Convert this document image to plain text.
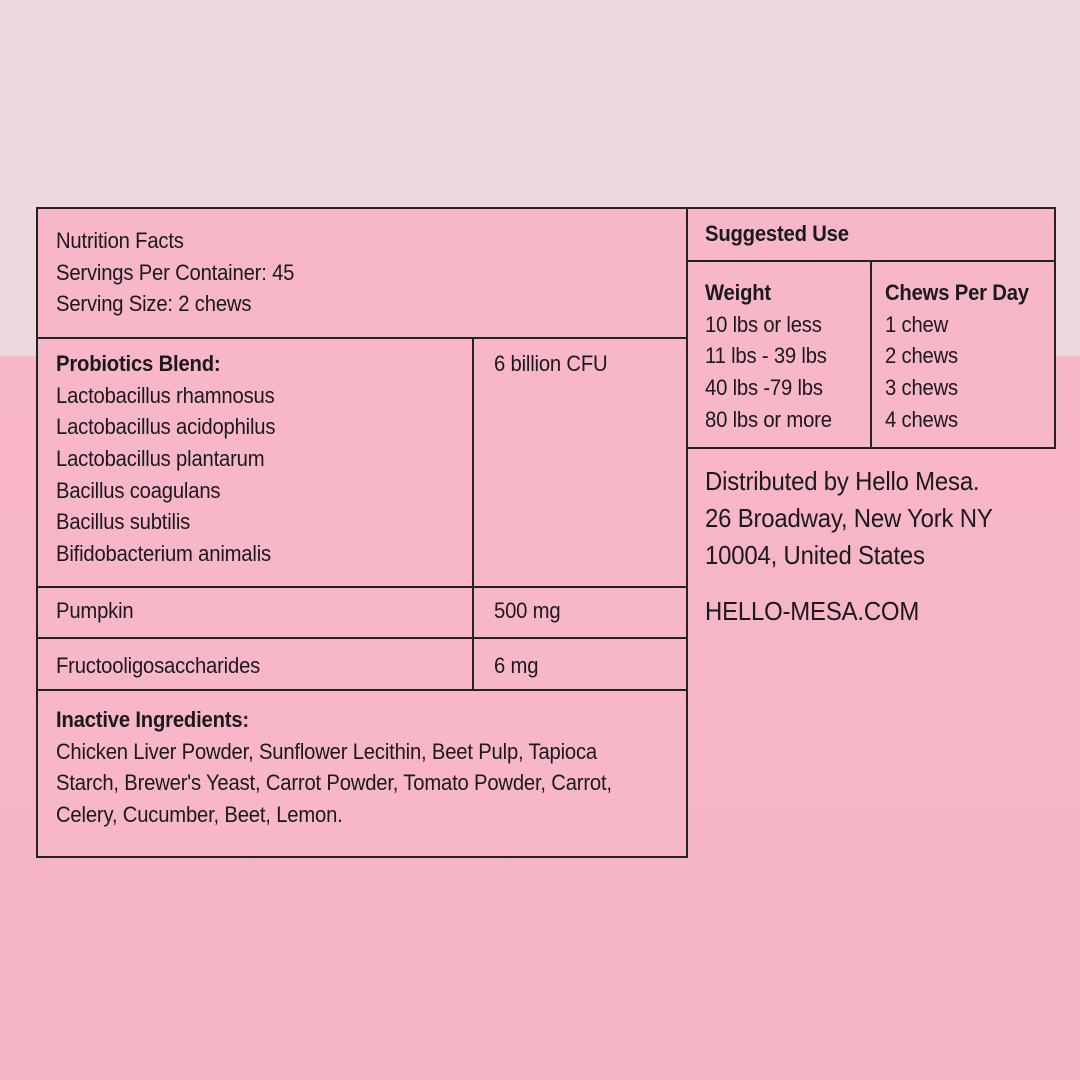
Nutrition Facts
Servings Per Container: 45
Serving Size: 2 chews
Probiotics Blend:
Lactobacillus rhamnosus
Lactobacillus acidophilus
Lactobacillus plantarum
Bacillus coagulans
Bacillus subtilis
Bifidobacterium animalis
6 billion CFU
Pumpkin	500 mg
Fructooligosaccharides	6 mg
Inactive Ingredients:
Chicken Liver Powder, Sunflower Lecithin, Beet Pulp, Tapioca
Starch, Brewer's Yeast, Carrot Powder, Tomato Powder, Carrot,
Celery, Cucumber, Beet, Lemon.
Suggested Use
Weight
10 lbs or less
11 lbs - 39 lbs
40 lbs -79 lbs
80 lbs or more
Chews Per Day
1 chew
2 chews
3 chews
4 chews
Distributed by Hello Mesa.
26 Broadway, New York NY
10004, United States
HELLO-MESA.COM
